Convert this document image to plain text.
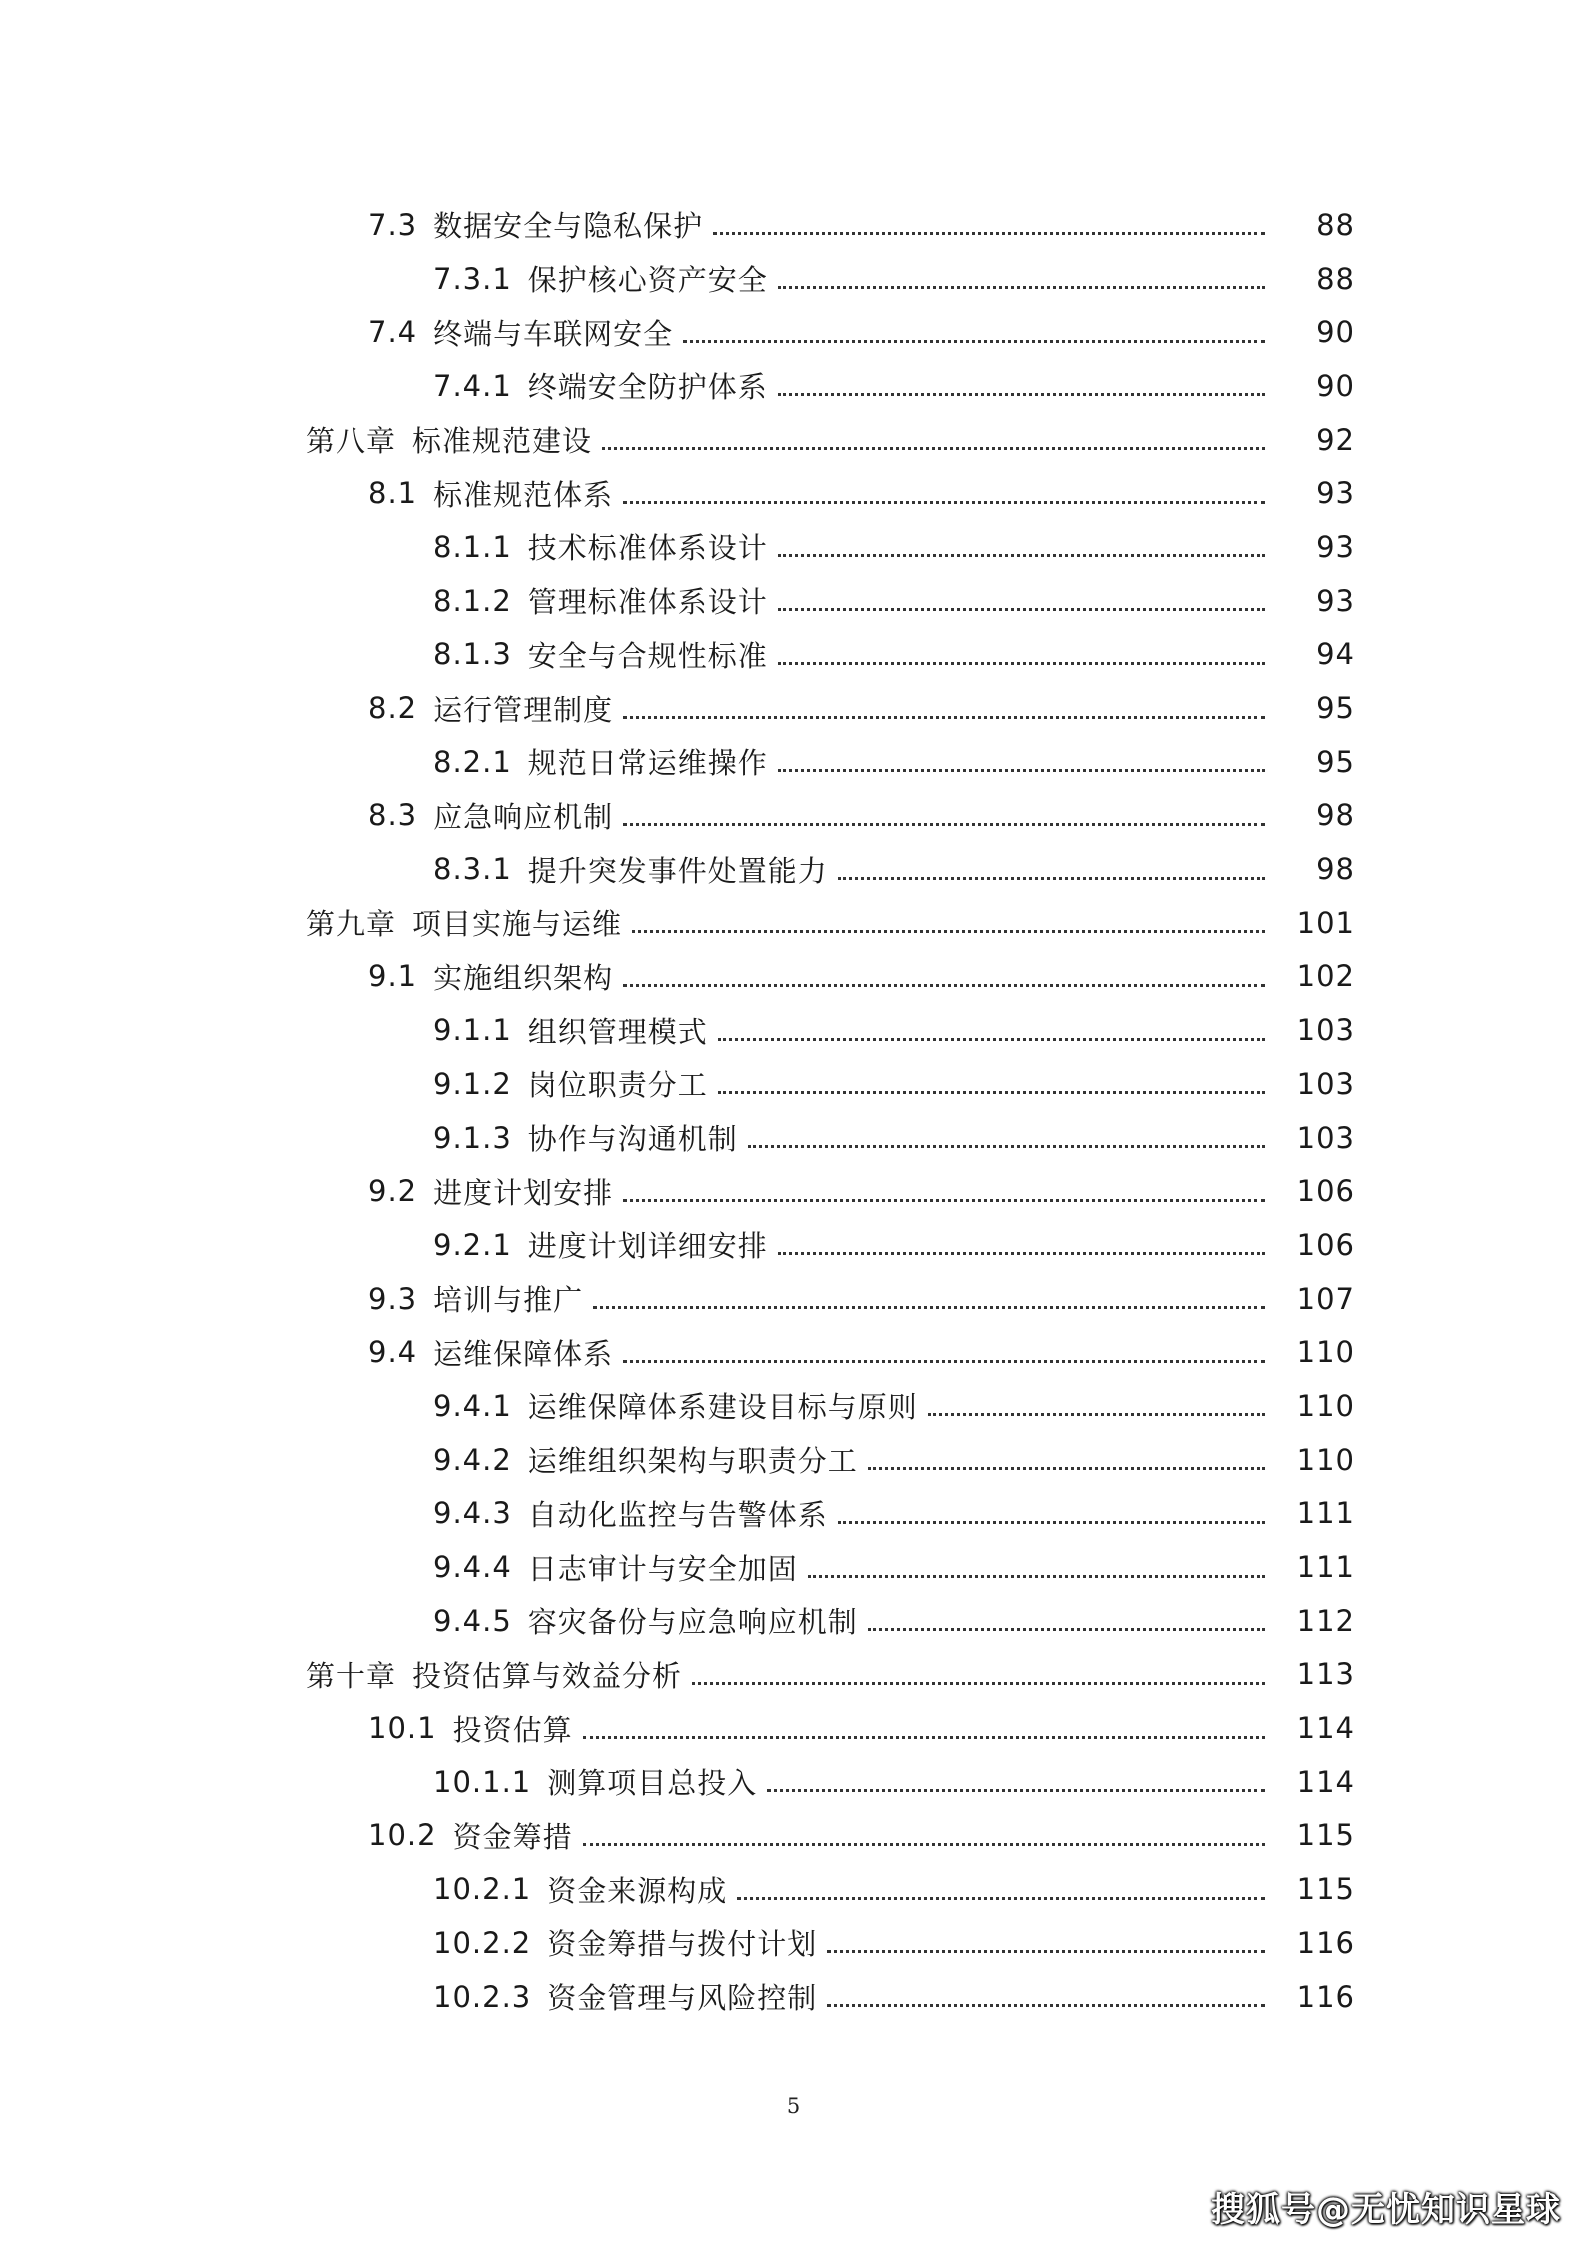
7.3 数据安全与隐私保护	88
7.3.1 保护核心资产安全	88
7.4 终端与车联网安全	90
7.4.1 终端安全防护体系	90
第八章 标准规范建设	92
8.1 标准规范体系	93
8.1.1 技术标准体系设计	93
8.1.2 管理标准体系设计	93
8.1.3 安全与合规性标准	94
8.2 运行管理制度	95
8.2.1 规范日常运维操作	95
8.3 应急响应机制	98
8.3.1 提升突发事件处置能力	98
第九章 项目实施与运维	101
9.1 实施组织架构	102
9.1.1 组织管理模式	103
9.1.2 岗位职责分工	103
9.1.3 协作与沟通机制	103
9.2 进度计划安排	106
9.2.1 进度计划详细安排	106
9.3 培训与推广	107
9.4 运维保障体系	110
9.4.1 运维保障体系建设目标与原则	110
9.4.2 运维组织架构与职责分工	110
9.4.3 自动化监控与告警体系	111
9.4.4 日志审计与安全加固	111
9.4.5 容灾备份与应急响应机制	112
第十章 投资估算与效益分析	113
10.1 投资估算	114
10.1.1 测算项目总投入	114
10.2 资金筹措	115
10.2.1 资金来源构成	115
10.2.2 资金筹措与拨付计划	116
10.2.3 资金管理与风险控制	116
5
搜狐号@无忧知识星球
